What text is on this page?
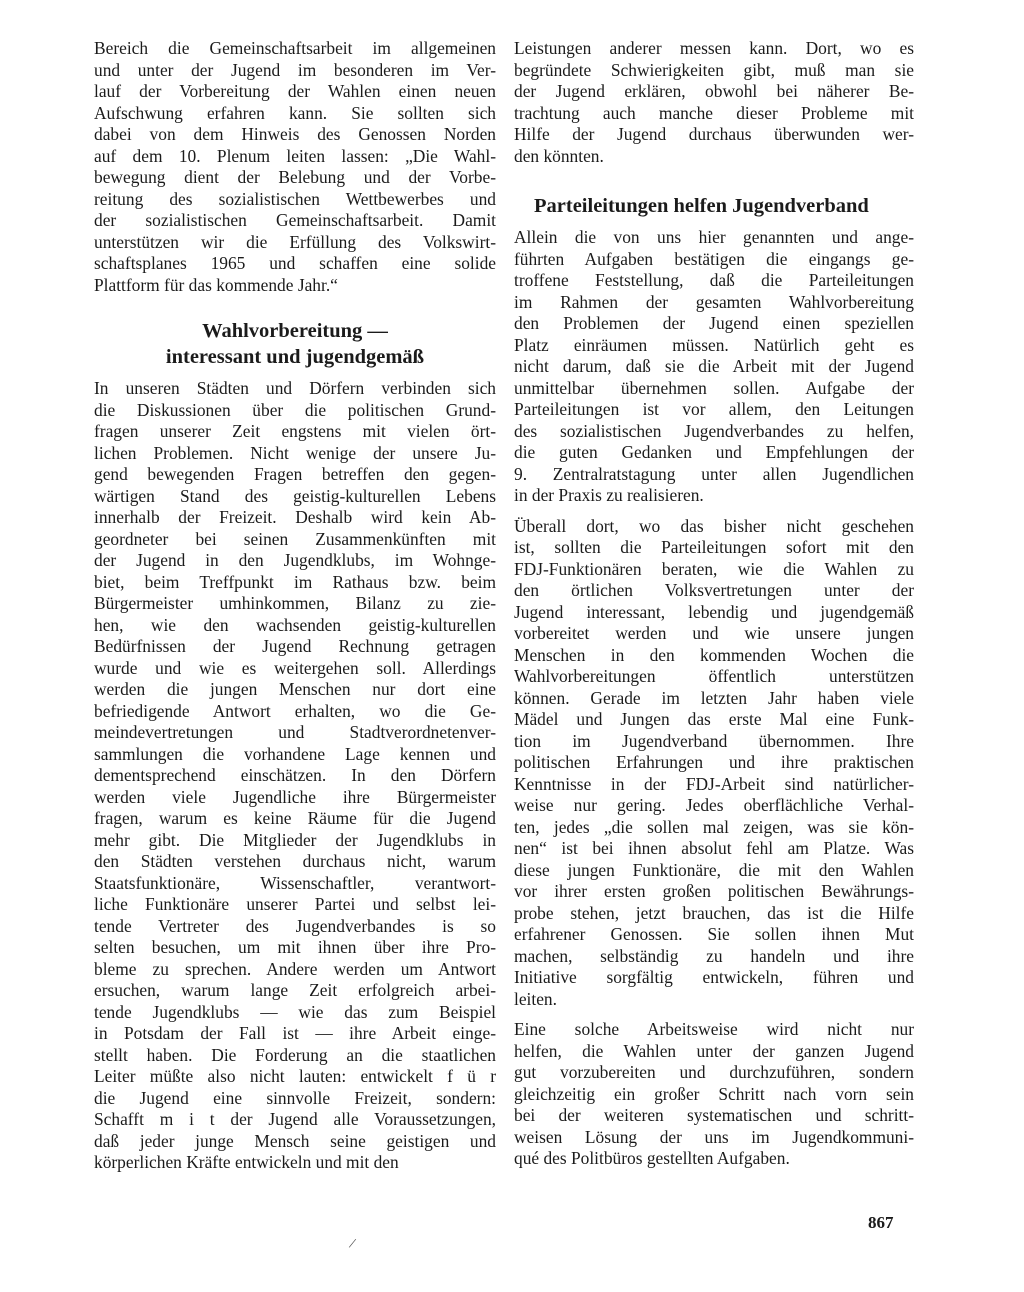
Bereich die Gemeinschaftsarbeit im allgemeinen
und unter der Jugend im besonderen im Ver-
lauf der Vorbereitung der Wahlen einen neuen
Aufschwung erfahren kann. Sie sollten sich
dabei von dem Hinweis des Genossen Norden
auf dem 10. Plenum leiten lassen: „Die Wahl-
bewegung dient der Belebung und der Vorbe-
reitung des sozialistischen Wettbewerbes und
der sozialistischen Gemeinschaftsarbeit. Damit
unterstützen wir die Erfüllung des Volkswirt-
schaftsplanes 1965 und schaffen eine solide
Plattform für das kommende Jahr.“
Wahlvorbereitung —
interessant und jugendgemäß
In unseren Städten und Dörfern verbinden sich
die Diskussionen über die politischen Grund-
fragen unserer Zeit engstens mit vielen ört-
lichen Problemen. Nicht wenige der unsere Ju-
gend bewegenden Fragen betreffen den gegen-
wärtigen Stand des geistig-kulturellen Lebens
innerhalb der Freizeit. Deshalb wird kein Ab-
geordneter bei seinen Zusammenkünften mit
der Jugend in den Jugendklubs, im Wohnge-
biet, beim Treffpunkt im Rathaus bzw. beim
Bürgermeister umhinkommen, Bilanz zu zie-
hen, wie den wachsenden geistig-kulturellen
Bedürfnissen der Jugend Rechnung getragen
wurde und wie es weitergehen soll. Allerdings
werden die jungen Menschen nur dort eine
befriedigende Antwort erhalten, wo die Ge-
meindevertretungen und Stadtverordnetenver-
sammlungen die vorhandene Lage kennen und
dementsprechend einschätzen. In den Dörfern
werden viele Jugendliche ihre Bürgermeister
fragen, warum es keine Räume für die Jugend
mehr gibt. Die Mitglieder der Jugendklubs in
den Städten verstehen durchaus nicht, warum
Staatsfunktionäre, Wissenschaftler, verantwort-
liche Funktionäre unserer Partei und selbst lei-
tende Vertreter des Jugendverbandes is so
selten besuchen, um mit ihnen über ihre Pro-
bleme zu sprechen. Andere werden um Antwort
ersuchen, warum lange Zeit erfolgreich arbei-
tende Jugendklubs — wie das zum Beispiel
in Potsdam der Fall ist — ihre Arbeit einge-
stellt haben. Die Forderung an die staatlichen
Leiter müßte also nicht lauten: entwickelt f ü r
die Jugend eine sinnvolle Freizeit, sondern:
Schafft m i t der Jugend alle Voraussetzungen,
daß jeder junge Mensch seine geistigen und
körperlichen Kräfte entwickeln und mit den
Leistungen anderer messen kann. Dort, wo es
begründete Schwierigkeiten gibt, muß man sie
der Jugend erklären, obwohl bei näherer Be-
trachtung auch manche dieser Probleme mit
Hilfe der Jugend durchaus überwunden wer-
den könnten.
Parteileitungen helfen Jugendverband
Allein die von uns hier genannten und ange-
führten Aufgaben bestätigen die eingangs ge-
troffene Feststellung, daß die Parteileitungen
im Rahmen der gesamten Wahlvorbereitung
den Problemen der Jugend einen speziellen
Platz einräumen müssen. Natürlich geht es
nicht darum, daß sie die Arbeit mit der Jugend
unmittelbar übernehmen sollen. Aufgabe der
Parteileitungen ist vor allem, den Leitungen
des sozialistischen Jugendverbandes zu helfen,
die guten Gedanken und Empfehlungen der
9. Zentralratstagung unter allen Jugendlichen
in der Praxis zu realisieren.
Überall dort, wo das bisher nicht geschehen
ist, sollten die Parteileitungen sofort mit den
FDJ-Funktionären beraten, wie die Wahlen zu
den örtlichen Volksvertretungen unter der
Jugend interessant, lebendig und jugendgemäß
vorbereitet werden und wie unsere jungen
Menschen in den kommenden Wochen die
Wahlvorbereitungen öffentlich unterstützen
können. Gerade im letzten Jahr haben viele
Mädel und Jungen das erste Mal eine Funk-
tion im Jugendverband übernommen. Ihre
politischen Erfahrungen und ihre praktischen
Kenntnisse in der FDJ-Arbeit sind natürlicher-
weise nur gering. Jedes oberflächliche Verhal-
ten, jedes „die sollen mal zeigen, was sie kön-
nen“ ist bei ihnen absolut fehl am Platze. Was
diese jungen Funktionäre, die mit den Wahlen
vor ihrer ersten großen politischen Bewährungs-
probe stehen, jetzt brauchen, das ist die Hilfe
erfahrener Genossen. Sie sollen ihnen Mut
machen, selbständig zu handeln und ihre
Initiative sorgfältig entwickeln, führen und
leiten.
Eine solche Arbeitsweise wird nicht nur
helfen, die Wahlen unter der ganzen Jugend
gut vorzubereiten und durchzuführen, sondern
gleichzeitig ein großer Schritt nach vorn sein
bei der weiteren systematischen und schritt-
weisen Lösung der uns im Jugendkommuni-
qué des Politbüros gestellten Aufgaben.
867
/
